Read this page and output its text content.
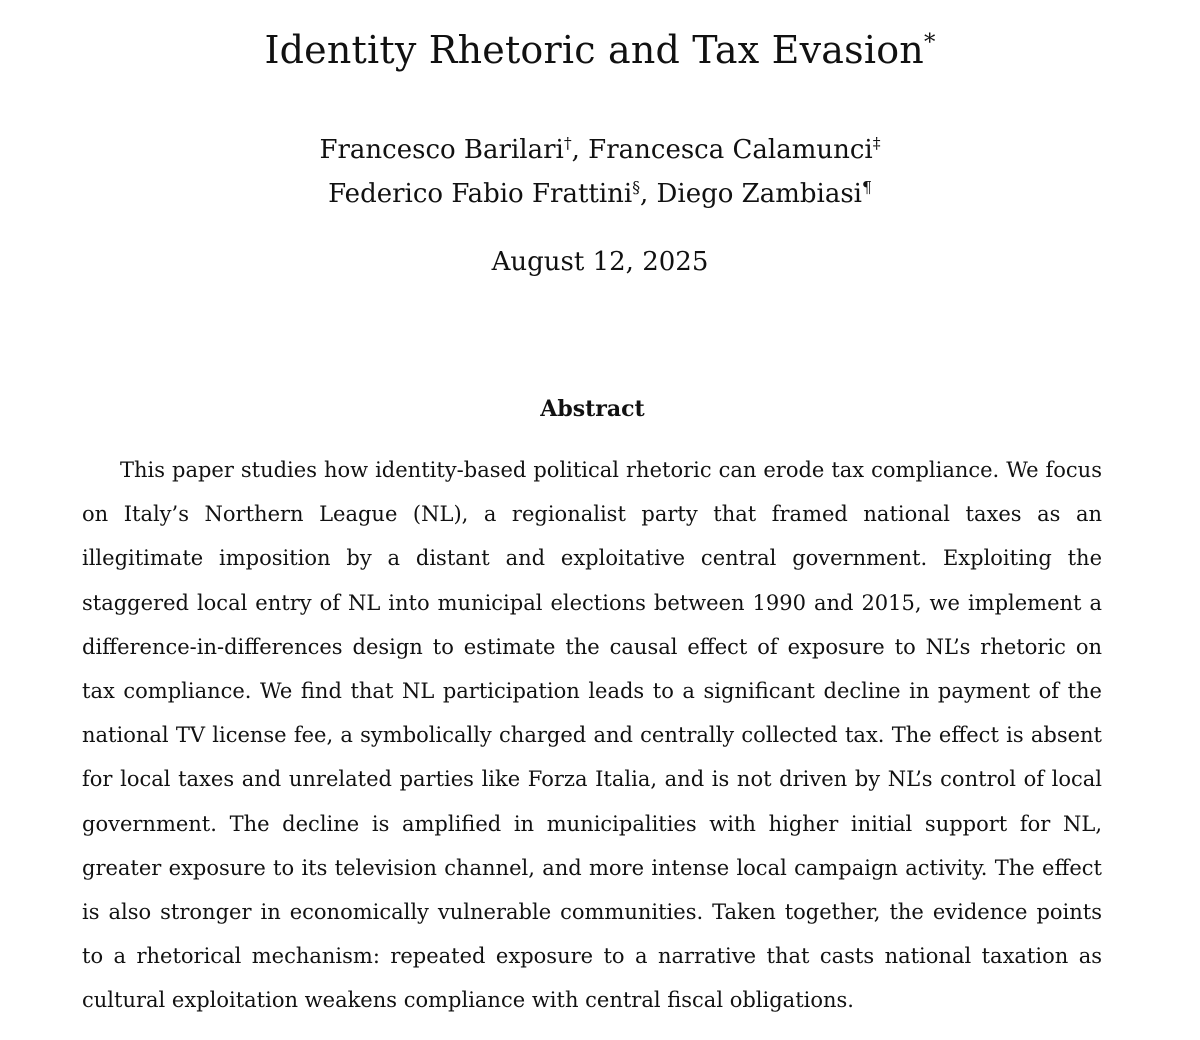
Identity Rhetoric and Tax Evasion*
Francesco Barilari†, Francesca Calamunci‡
Federico Fabio Frattini§, Diego Zambiasi¶
August 12, 2025
Abstract

This paper studies how identity-based political rhetoric can erode tax compliance. We focus on Italy’s Northern League (NL), a regionalist party that framed national taxes as an illegitimate imposition by a distant and exploitative central government. Exploiting the staggered local entry of NL into municipal elections between 1990 and 2015, we implement a difference-in-differences design to estimate the causal effect of exposure to NL’s rhetoric on tax compliance. We find that NL participation leads to a significant decline in payment of the national TV license fee, a symbolically charged and centrally collected tax. The effect is absent for local taxes and unrelated parties like Forza Italia, and is not driven by NL’s control of local government. The decline is amplified in municipalities with higher initial support for NL, greater exposure to its television channel, and more intense local campaign activity. The effect is also stronger in economically vulnerable communities. Taken together, the evidence points to a rhetorical mechanism: repeated exposure to a narrative that casts national taxation as cultural exploitation weakens compliance with central fiscal obligations.
